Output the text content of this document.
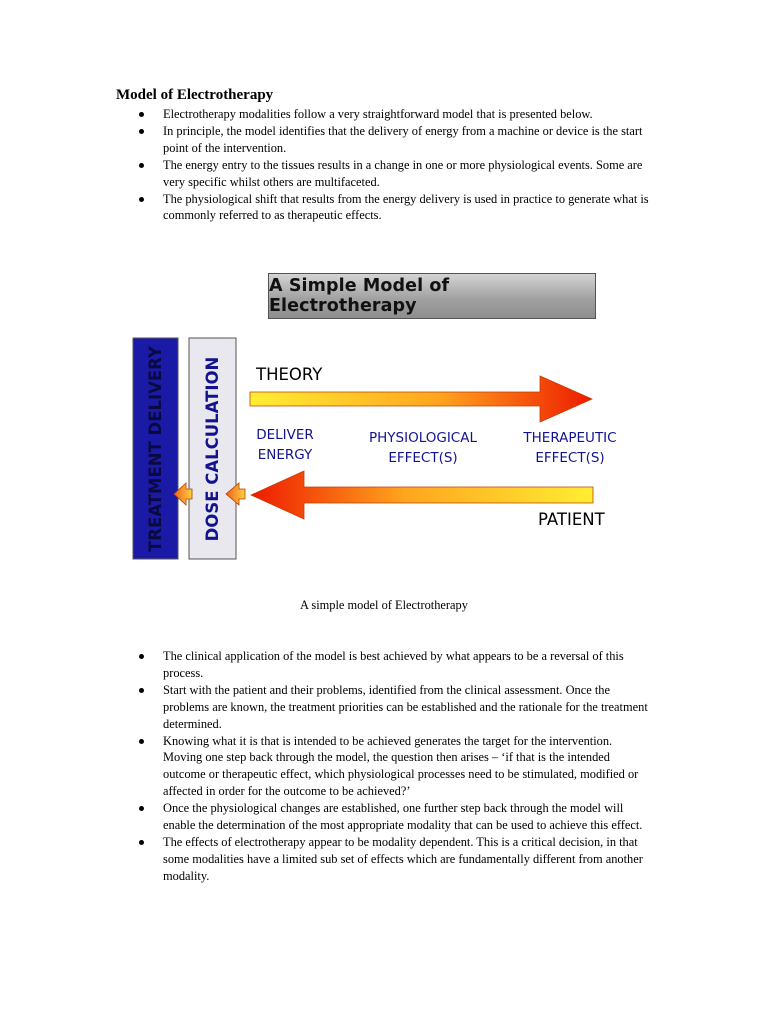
Model of Electrotherapy
Electrotherapy modalities follow a very straightforward model that is presented below.
In principle, the model identifies that the delivery of energy from a machine or device is the start point of the intervention.
The energy entry to the tissues results in a change in one or more physiological events. Some are very specific whilst others are multifaceted.
The physiological shift that results from the energy delivery is used in practice to generate what is commonly referred to as therapeutic effects.
A Simple Model of Electrotherapy
TREATMENT DELIVERY DOSE CALCULATION THEORY
DELIVER
ENERGY
PHYSIOLOGICAL
EFFECT(S)
THERAPEUTIC
EFFECT(S)
PATIENT
A simple model of Electrotherapy
The clinical application of the model is best achieved by what appears to be a reversal of this process.
Start with the patient and their problems, identified from the clinical assessment. Once the problems are known, the treatment priorities can be established and the rationale for the treatment determined.
Knowing what it is that is intended to be achieved generates the target for the intervention. Moving one step back through the model, the question then arises – ‘if that is the intended outcome or therapeutic effect, which physiological processes need to be stimulated, modified or affected in order for the outcome to be achieved?’
Once the physiological changes are established, one further step back through the model will enable the determination of the most appropriate modality that can be used to achieve this effect.
The effects of electrotherapy appear to be modality dependent. This is a critical decision, in that some modalities have a limited sub set of effects which are fundamentally different from another modality.
